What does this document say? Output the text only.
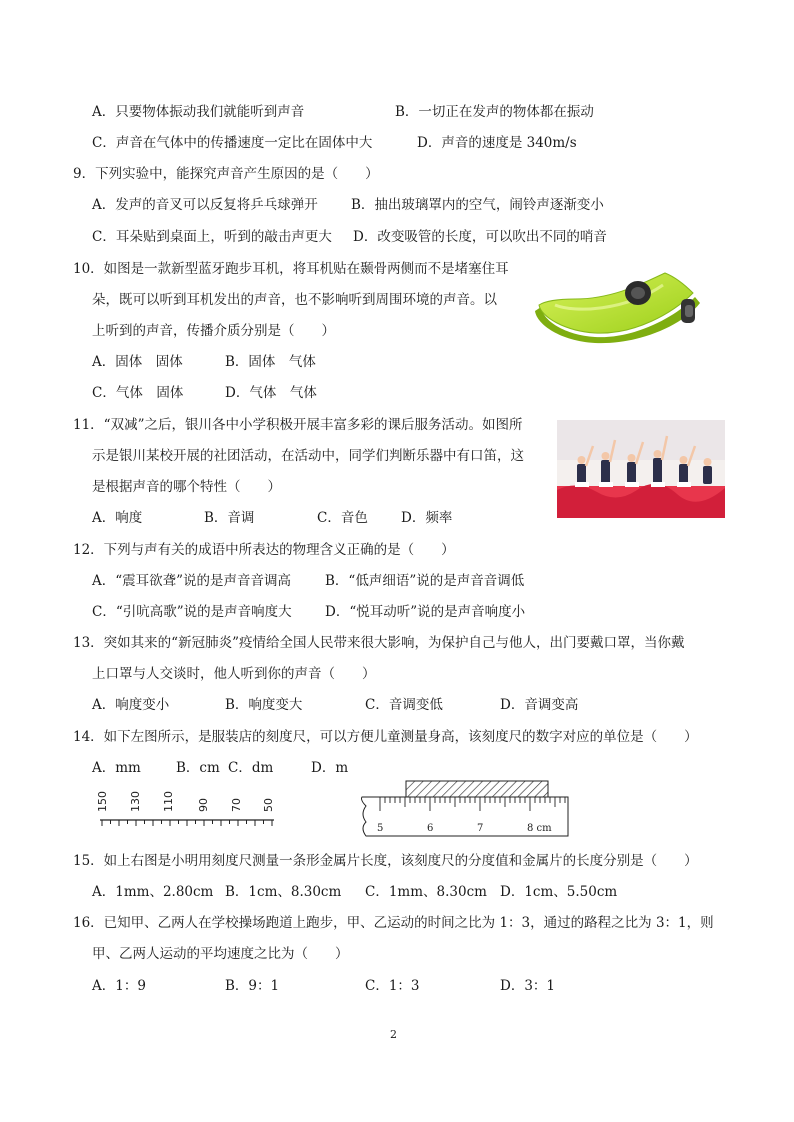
A．只要物体振动我们就能听到声音	B．一切正在发声的物体都在振动
C．声音在气体中的传播速度一定比在固体中大	D．声音的速度是 340m/s
9．下列实验中，能探究声音产生原因的是（　　）
A．发声的音叉可以反复将乒乓球弹开 B．抽出玻璃罩内的空气，闹铃声逐渐变小
C．耳朵贴到桌面上，听到的敲击声更大 D．改变吸管的长度，可以吹出不同的哨音
10．如图是一款新型蓝牙跑步耳机，将耳机贴在颞骨两侧而不是堵塞住耳
朵，既可以听到耳机发出的声音，也不影响听到周围环境的声音。以
上听到的声音，传播介质分别是（　　）
A．固体　固体	B．固体　气体
C．气体　固体	D．气体　气体
11．“双减”之后，银川各中小学积极开展丰富多彩的课后服务活动。如图所
示是银川某校开展的社团活动，在活动中，同学们判断乐器中有口笛，这
是根据声音的哪个特性（　　）
A．响度	B．音调	C．音色 D．频率
12．下列与声有关的成语中所表达的物理含义正确的是（　　）
A．“震耳欲聋”说的是声音音调高	B．“低声细语”说的是声音音调低
C．“引吭高歌”说的是声音响度大 D．“悦耳动听”说的是声音响度小
13．突如其来的“新冠肺炎”疫情给全国人民带来很大影响，为保护自己与他人，出门要戴口罩，当你戴
上口罩与人交谈时，他人听到你的声音（　　）
A．响度变小	B．响度变大	C．音调变低	D．音调变高
14．如下左图所示，是服装店的刻度尺，可以方便儿童测量身高，该刻度尺的数字对应的单位是（　　）
A．mm	B．cm C．dm	D．m
150 130 110 90 70 50
5	6	7	8 cm
15．如上右图是小明用刻度尺测量一条形金属片长度，该刻度尺的分度值和金属片的长度分别是（　　）
A．1mm、2.80cm B．1cm、8.30cm C．1mm、8.30cm D．1cm、5.50cm
16．已知甲、乙两人在学校操场跑道上跑步，甲、乙运动的时间之比为 1：3，通过的路程之比为 3：1，则
甲、乙两人运动的平均速度之比为（　　）
A．1：9	B．9：1	C．1：3	D．3：1
2
